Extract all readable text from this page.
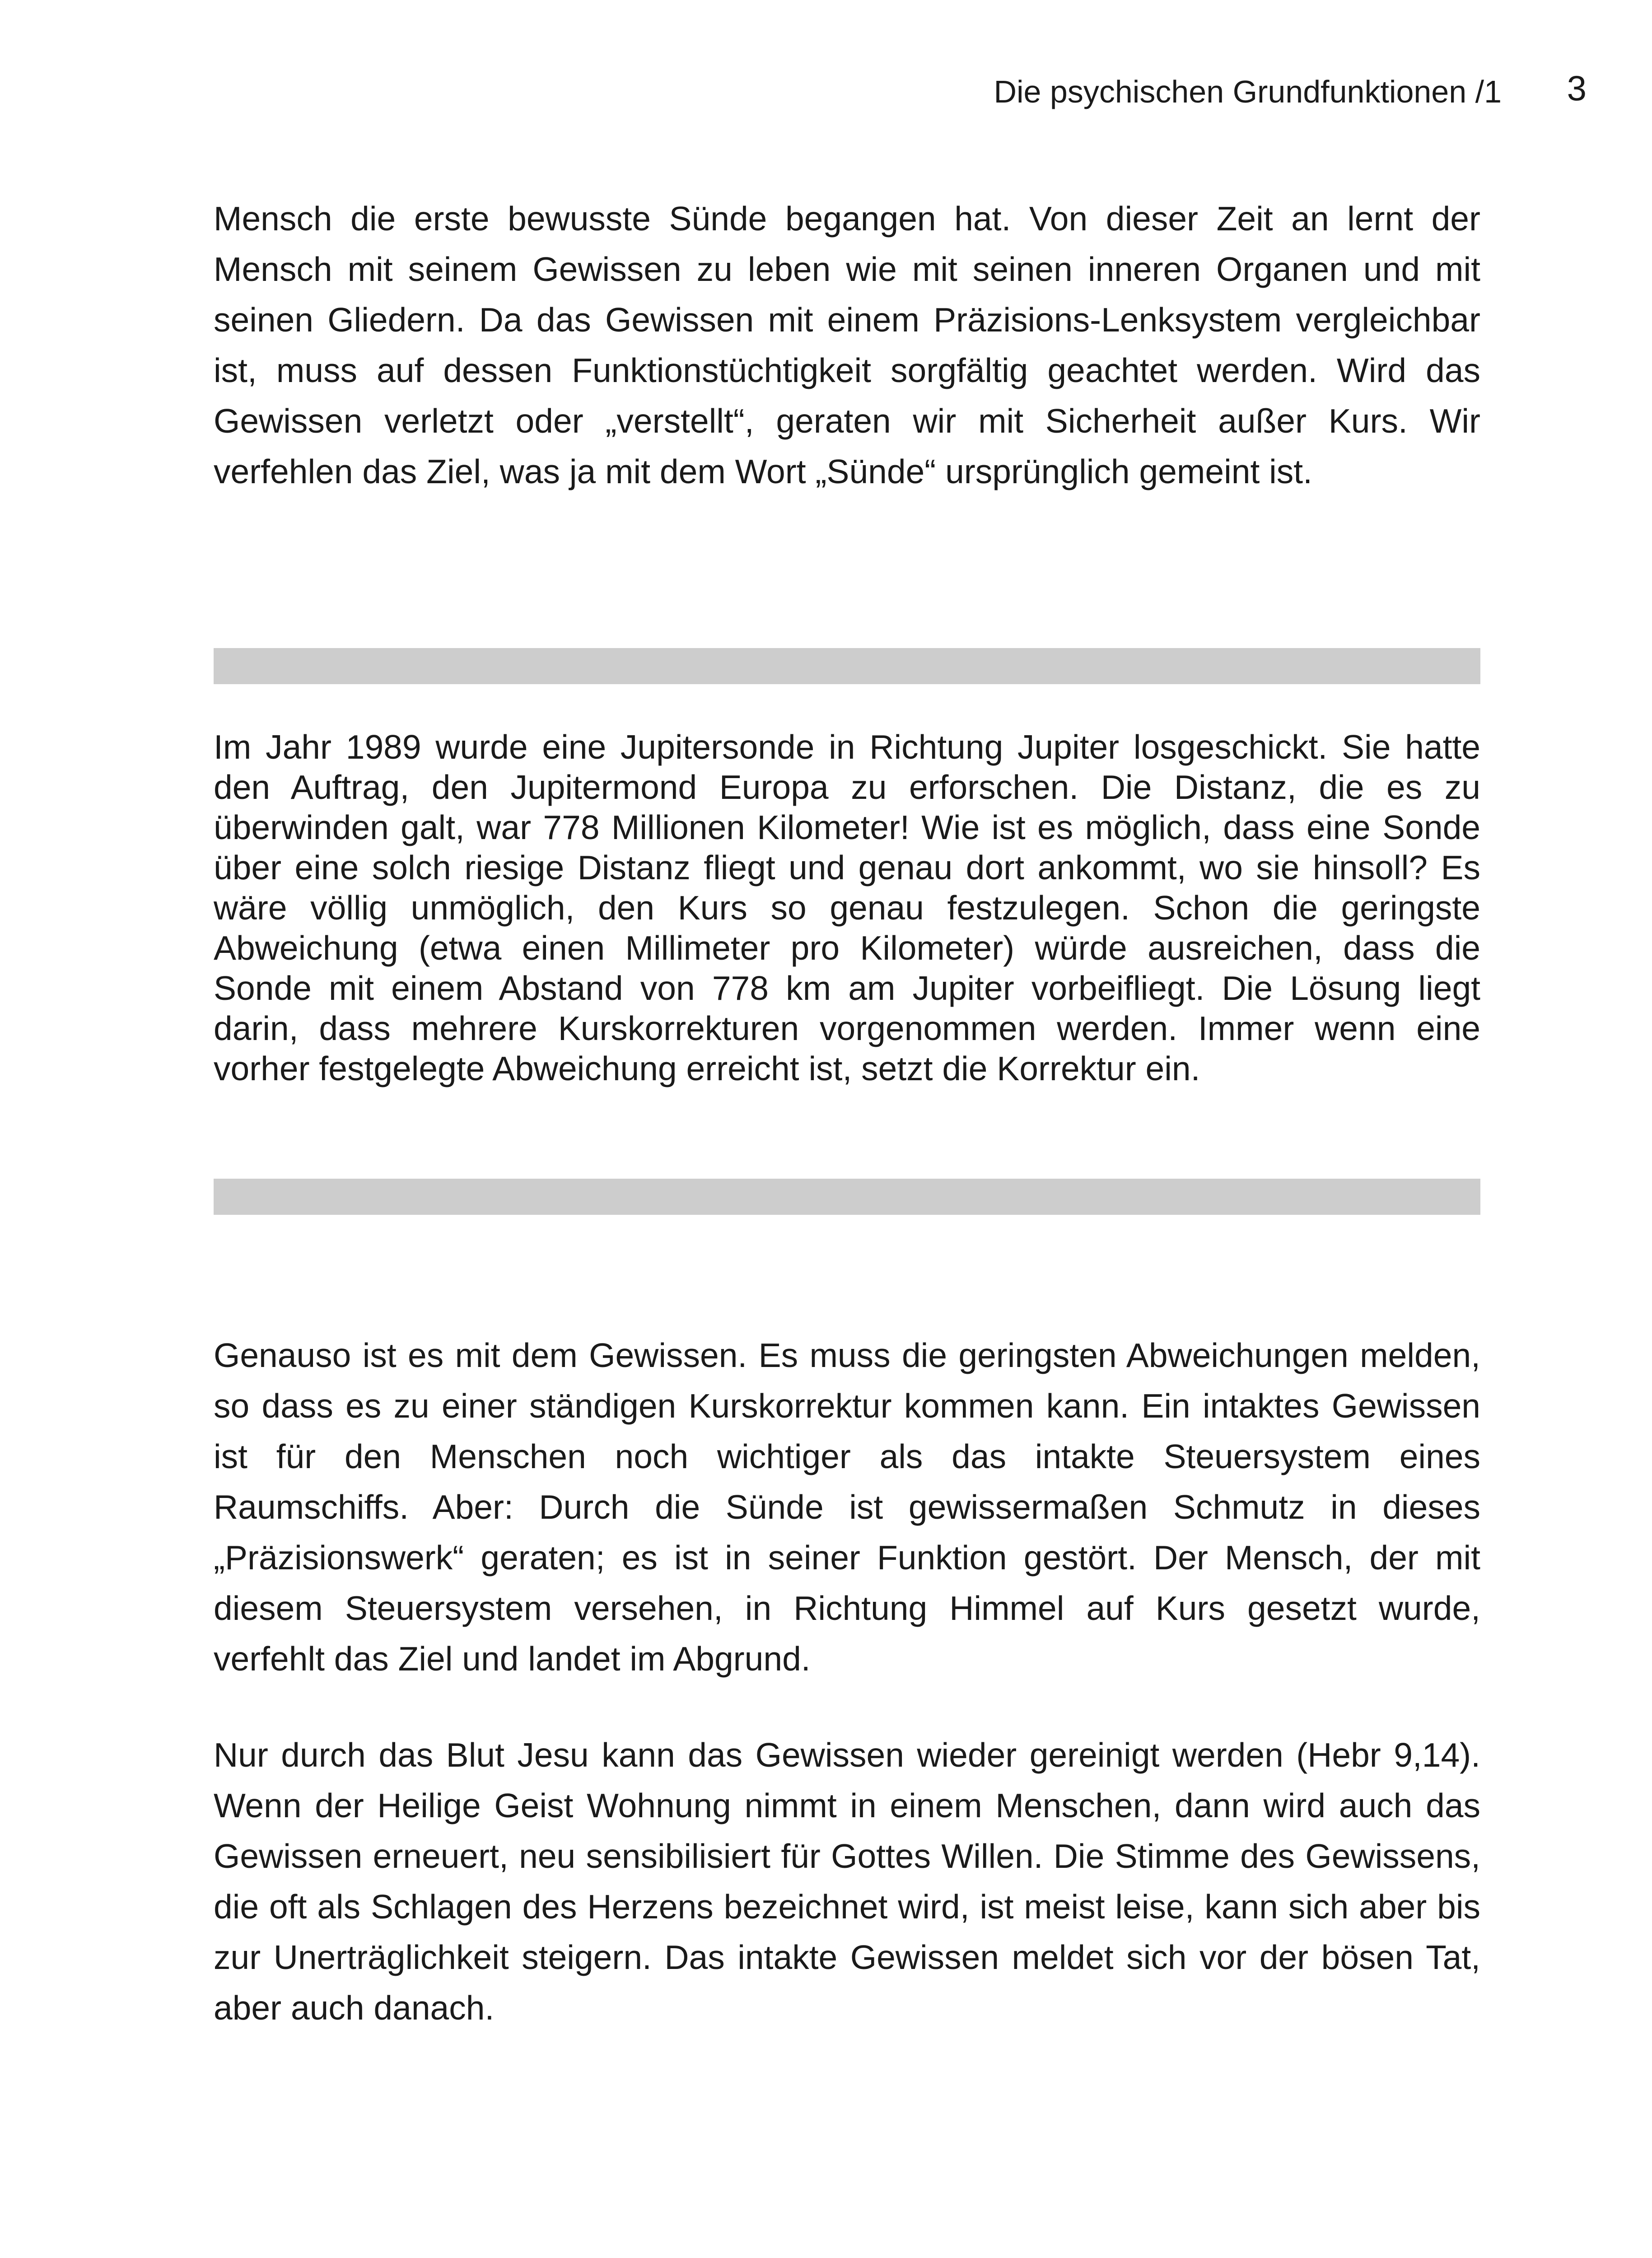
Die psychischen Grundfunktionen /1 3

Mensch die erste bewusste Sünde begangen hat. Von dieser Zeit an lernt der Mensch mit seinem Gewissen zu leben wie mit seinen inneren Organen und mit seinen Gliedern. Da das Gewissen mit einem Präzisions-Lenksystem vergleichbar ist, muss auf dessen Funktionstüchtigkeit sorgfältig geachtet werden. Wird das Gewissen verletzt oder „verstellt“, geraten wir mit Sicherheit außer Kurs. Wir verfehlen das Ziel, was ja mit dem Wort „Sünde“ ursprünglich gemeint ist.

Im Jahr 1989 wurde eine Jupitersonde in Richtung Jupiter losgeschickt. Sie hatte den Auftrag, den Jupitermond Europa zu erforschen. Die Distanz, die es zu überwinden galt, war 778 Millionen Kilometer! Wie ist es möglich, dass eine Sonde über eine solch riesige Distanz fliegt und genau dort ankommt, wo sie hinsoll? Es wäre völlig unmöglich, den Kurs so genau festzulegen. Schon die geringste Abweichung (etwa einen Millimeter pro Kilometer) würde ausreichen, dass die Sonde mit einem Abstand von 778 km am Jupiter vorbeifliegt. Die Lösung liegt darin, dass mehrere Kurskorrekturen vorgenommen werden. Immer wenn eine vorher festgelegte Abweichung erreicht ist, setzt die Korrektur ein.

Genauso ist es mit dem Gewissen. Es muss die geringsten Abweichungen melden, so dass es zu einer ständigen Kurskorrektur kommen kann. Ein intaktes Gewissen ist für den Menschen noch wichtiger als das intakte Steuersystem eines Raumschiffs. Aber: Durch die Sünde ist gewissermaßen Schmutz in dieses „Präzisionswerk“ geraten; es ist in seiner Funktion gestört. Der Mensch, der mit diesem Steuersystem versehen, in Richtung Himmel auf Kurs gesetzt wurde, verfehlt das Ziel und landet im Abgrund.

Nur durch das Blut Jesu kann das Gewissen wieder gereinigt werden (Hebr 9,14). Wenn der Heilige Geist Wohnung nimmt in einem Menschen, dann wird auch das Gewissen erneuert, neu sensibilisiert für Gottes Willen. Die Stimme des Gewissens, die oft als Schlagen des Herzens bezeichnet wird, ist meist leise, kann sich aber bis zur Unerträglichkeit steigern. Das intakte Gewissen meldet sich vor der bösen Tat, aber auch danach.
